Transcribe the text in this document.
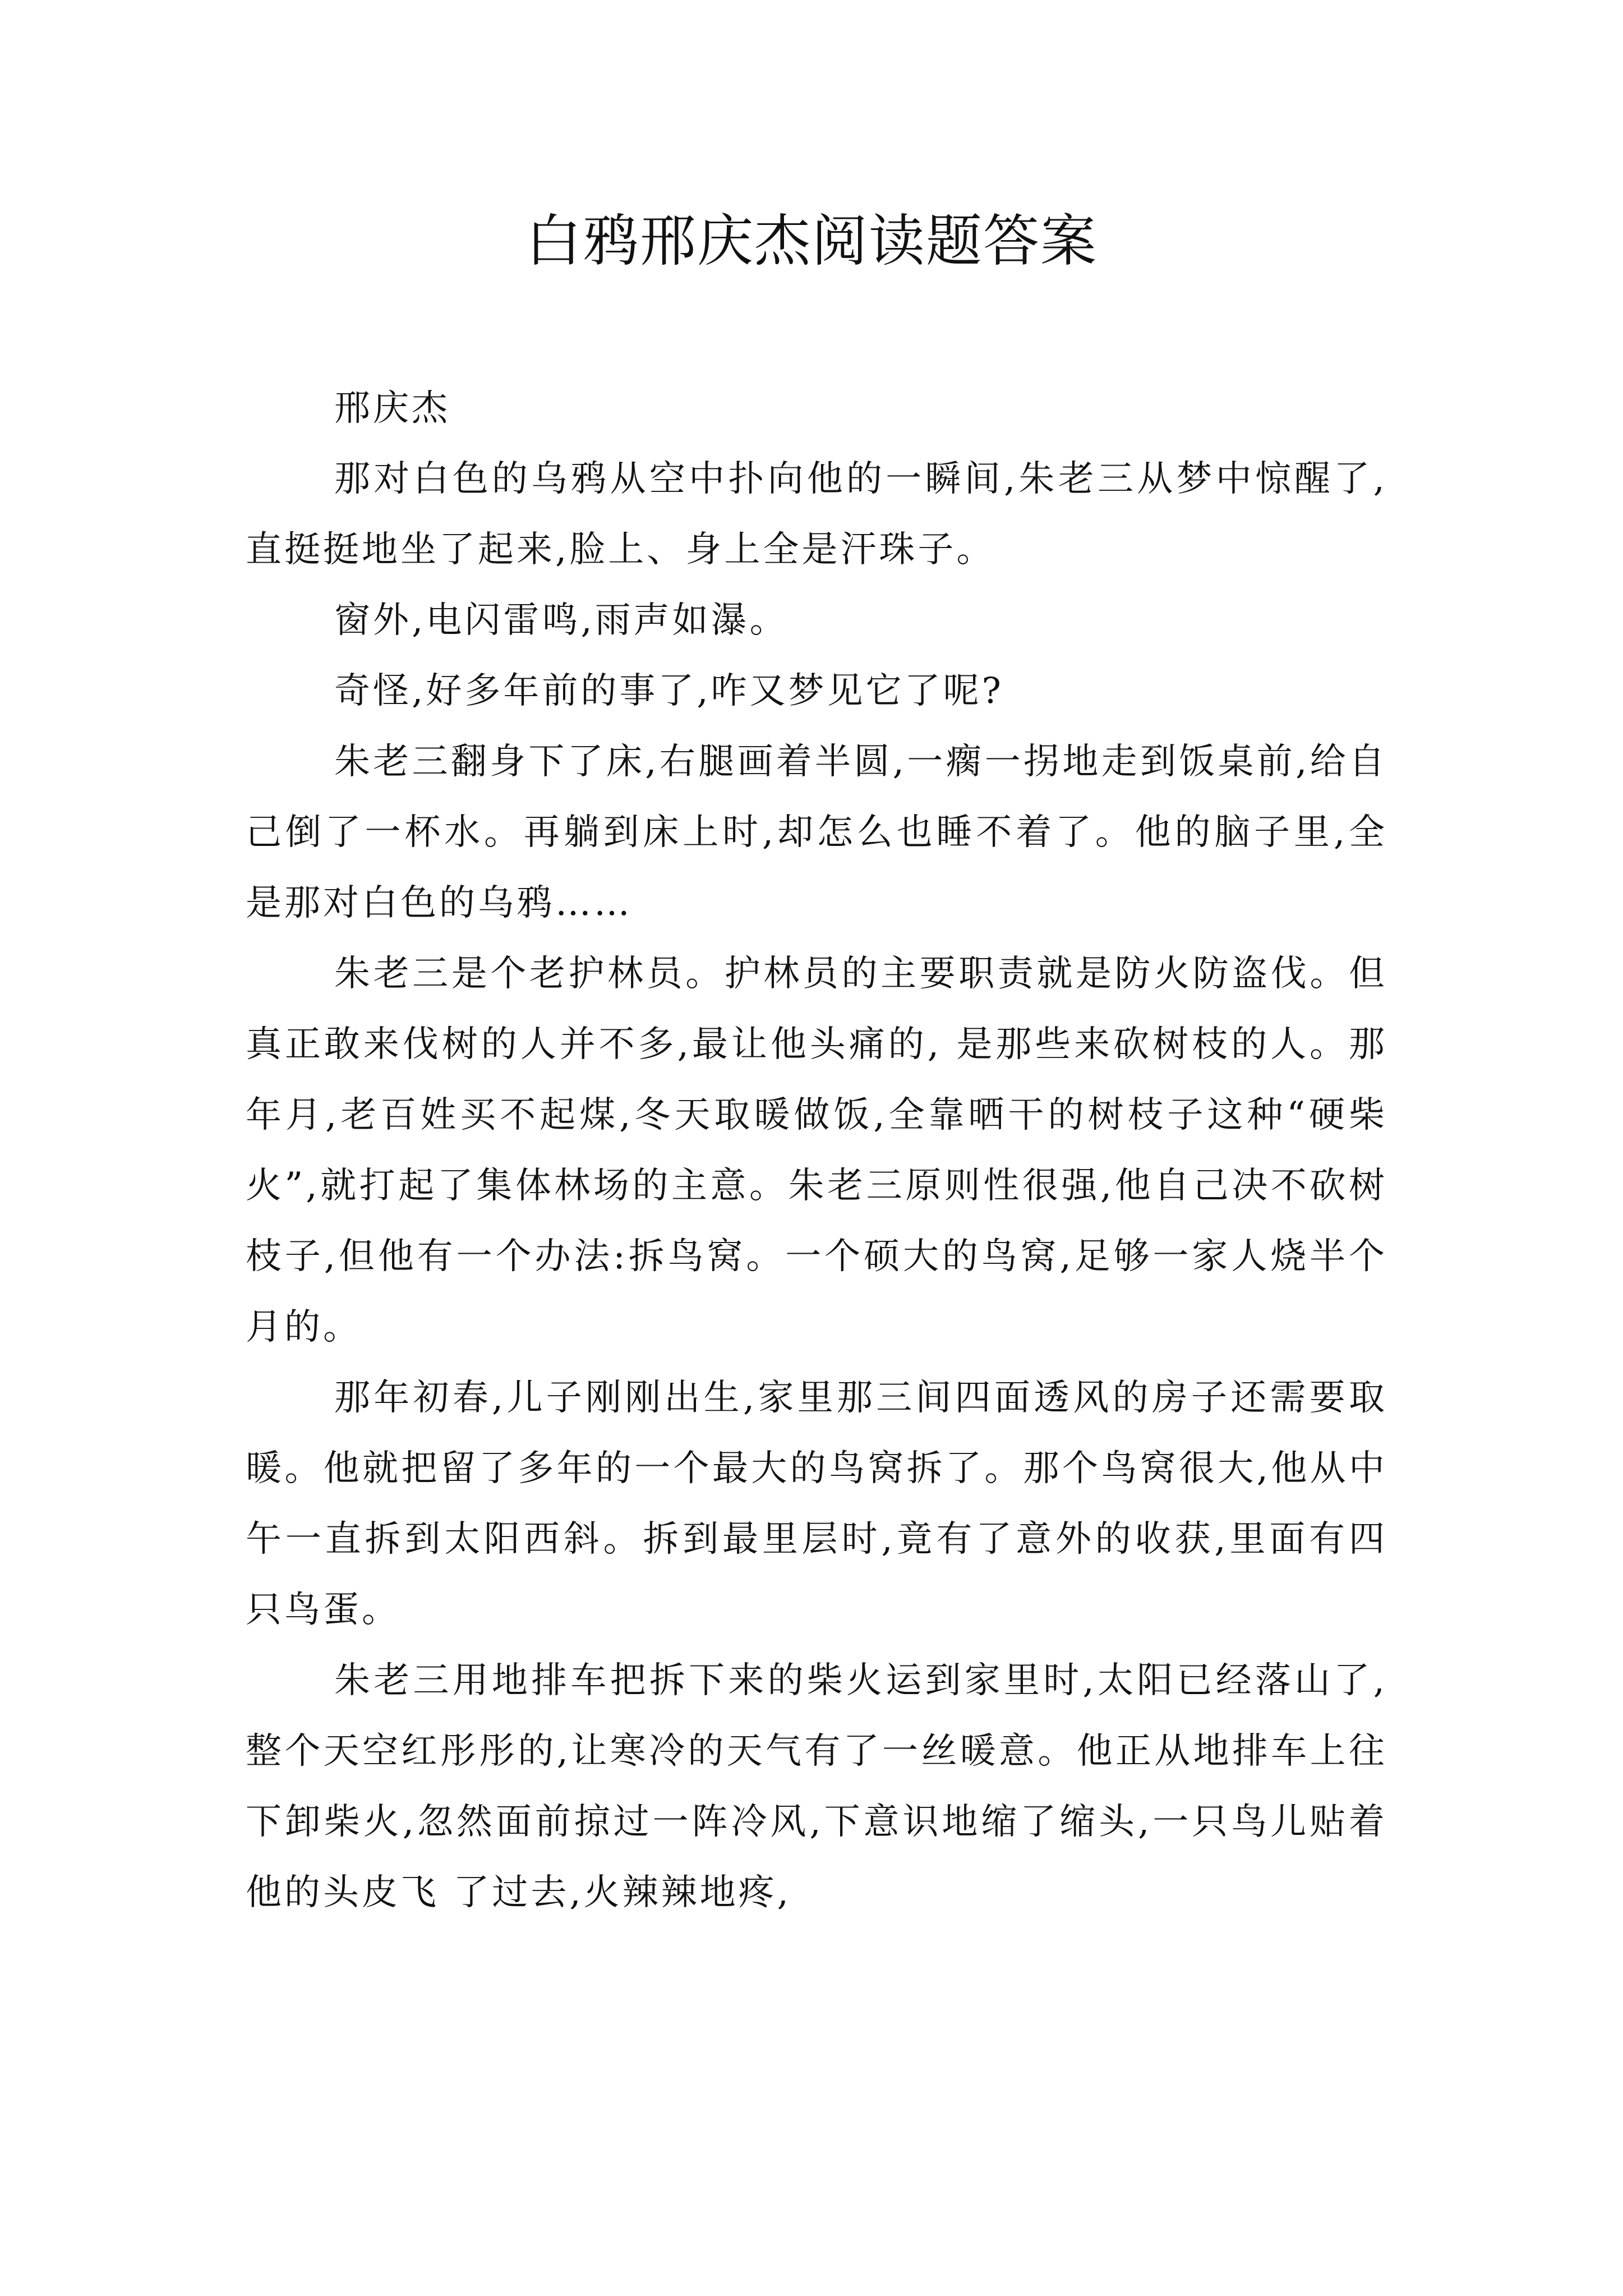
白鸦邢庆杰阅读题答案

邢庆杰

那对白色的乌鸦从空中扑向他的一瞬间,朱老三从梦中惊醒了,直挺挺地坐了起来,脸上、身上全是汗珠子。

窗外,电闪雷鸣,雨声如瀑。

奇怪,好多年前的事了,咋又梦见它了呢?

朱老三翻身下了床,右腿画着半圆,一瘸一拐地走到饭桌前,给自己倒了一杯水。再躺到床上时,却怎么也睡不着了。他的脑子里,全是那对白色的乌鸦……

朱老三是个老护林员。护林员的主要职责就是防火防盗伐。但真正敢来伐树的人并不多,最让他头痛的, 是那些来砍树枝的人。那年月,老百姓买不起煤,冬天取暖做饭,全靠晒干的树枝子这种“硬柴火”,就打起了集体林场的主意。朱老三原则性很强,他自己决不砍树枝子,但他有一个办法:拆鸟窝。一个硕大的鸟窝,足够一家人烧半个月的。

那年初春,儿子刚刚出生,家里那三间四面透风的房子还需要取暖。他就把留了多年的一个最大的鸟窝拆了。那个鸟窝很大,他从中午一直拆到太阳西斜。拆到最里层时,竟有了意外的收获,里面有四只鸟蛋。

朱老三用地排车把拆下来的柴火运到家里时,太阳已经落山了,整个天空红彤彤的,让寒冷的天气有了一丝暖意。他正从地排车上往下卸柴火,忽然面前掠过一阵冷风,下意识地缩了缩头,一只鸟儿贴着他的头皮飞 了过去,火辣辣地疼,
